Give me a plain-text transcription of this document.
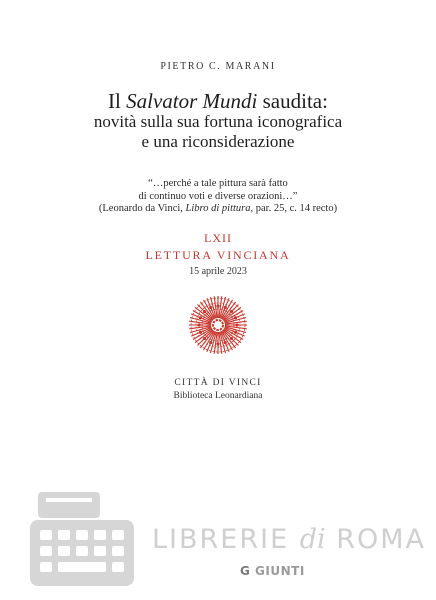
PIETRO C. MARANI
Il Salvator Mundi saudita:
novità sulla sua fortuna iconografica
e una riconsiderazione
“…perché a tale pittura sarà fatto
di continuo voti e diverse orazioni…”
(Leonardo da Vinci, Libro di pittura, par. 25, c. 14 recto)
LXII
LETTURA VINCIANA
15 aprile 2023
CITTÀ DI VINCI
Biblioteca Leonardiana
LIBRERIE di ROMA
G GIUNTI
